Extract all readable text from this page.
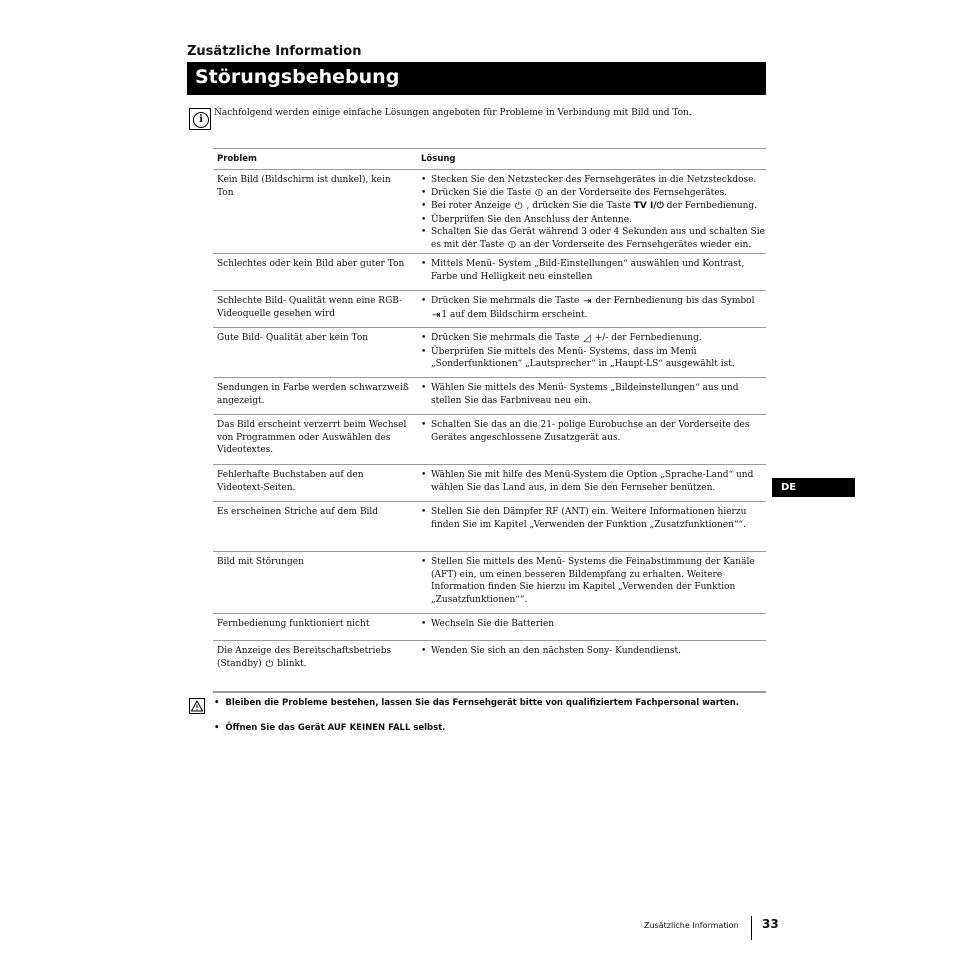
Zusätzliche Information
Störungsbehebung
i
Nachfolgend werden einige einfache Lösungen angeboten für Probleme in Verbindung mit Bild und Ton.
Problem	Lösung
Kein Bild (Bildschirm ist dunkel), kein Ton
• Stecken Sie den Netzstecker des Fernsehgerätes in die Netzsteckdose.
• Drücken Sie die Taste ⏼ an der Vorderseite des Fernsehgerätes.
• Bei roter Anzeige ⏻ , drücken Sie die Taste TV I/⏻ der Fernbedienung.
• Überprüfen Sie den Anschluss der Antenne.
• Schalten Sie das Gerät während 3 oder 4 Sekunden aus und schalten Sie es mit der Taste ⏼ an der Vorderseite des Fernsehgerätes wieder ein.
Schlechtes oder kein Bild aber guter Ton	• Mittels Menü- System „Bild-Einstellungen“ auswählen und Kontrast, Farbe und Helligkeit neu einstellen
Schlechte Bild- Qualität wenn eine RGB- Videoquelle gesehen wird
• Drücken Sie mehrmals die Taste ⇥ der Fernbedienung bis das Symbol ⇥1 auf dem Bildschirm erscheint.
Gute Bild- Qualität aber kein Ton	• Drücken Sie mehrmals die Taste ◿ +/- der Fernbedienung.
• Überprüfen Sie mittels des Menü- Systems, dass im Menü „Sonderfunktionen“ „Lautsprecher“ in „Haupt-LS“ ausgewählt ist.
Sendungen in Farbe werden schwarzweiß angezeigt.
• Wählen Sie mittels des Menü- Systems „Bildeinstellungen“ aus und stellen Sie das Farbniveau neu ein.
Das Bild erscheint verzerrt beim Wechsel von Programmen oder Auswählen des Videotextes.
• Schalten Sie das an die 21- polige Eurobuchse an der Vorderseite des Gerätes angeschlossene Zusatzgerät aus.
Fehlerhafte Buchstaben auf den Videotext-Seiten.
• Wählen Sie mit hilfe des Menü-System die Option „Sprache-Land“ und wählen Sie das Land aus, in dem Sie den Fernseher benützen.
Es erscheinen Striche auf dem Bild	• Stellen Sie den Dämpfer RF (ANT) ein. Weitere Informationen hierzu finden Sie im Kapitel „Verwenden der Funktion „Zusatzfunktionen““.
Bild mit Störungen	• Stellen Sie mittels des Menü- Systems die Feinabstimmung der Kanäle (AFT) ein, um einen besseren Bildempfang zu erhalten. Weitere Information finden Sie hierzu im Kapitel „Verwenden der Funktion „Zusatzfunktionen““.
Fernbedienung funktioniert nicht	• Wechseln Sie die Batterien
Die Anzeige des Bereitschaftsbetriebs (Standby) ⏻ blinkt.
• Wenden Sie sich an den nächsten Sony- Kundendienst.
• Bleiben die Probleme bestehen, lassen Sie das Fernsehgerät bitte von qualifiziertem Fachpersonal warten.
• Öffnen Sie das Gerät AUF KEINEN FALL selbst.
DE
Zusätzliche Information 33
